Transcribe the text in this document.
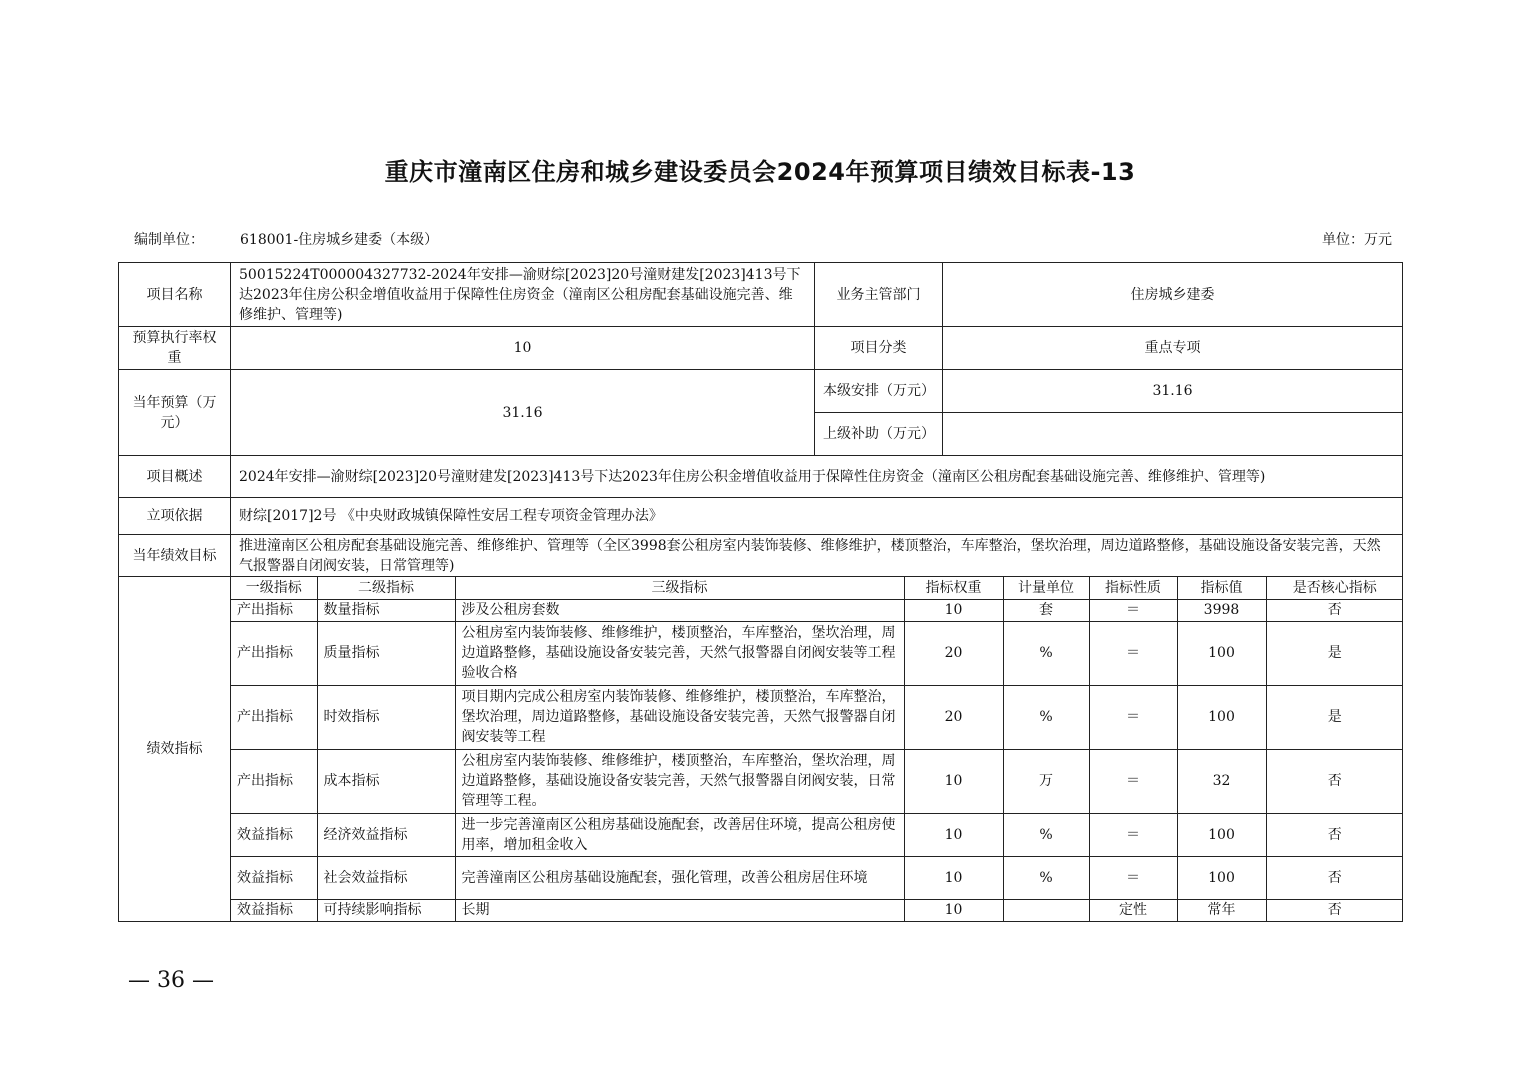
重庆市潼南区住房和城乡建设委员会2024年预算项目绩效目标表-13
编制单位：	618001-住房城乡建委（本级）	单位：万元
项目名称	50015224T000004327732-2024年安排—渝财综[2023]20号潼财建发[2023]413号下达2023年住房公积金增值收益用于保障性住房资金（潼南区公租房配套基础设施完善、维修维护、管理等)	业务主管部门	住房城乡建委
预算执行率权重	10	项目分类	重点专项
当年预算（万元）	31.16	本级安排（万元）	31.16
上级补助（万元）	
项目概述	2024年安排—渝财综[2023]20号潼财建发[2023]413号下达2023年住房公积金增值收益用于保障性住房资金（潼南区公租房配套基础设施完善、维修维护、管理等)
立项依据	财综[2017]2号 《中央财政城镇保障性安居工程专项资金管理办法》
当年绩效目标	推进潼南区公租房配套基础设施完善、维修维护、管理等（全区3998套公租房室内装饰装修、维修维护，楼顶整治，车库整治，堡坎治理，周边道路整修，基础设施设备安装完善，天然气报警器自闭阀安装，日常管理等)
绩效指标	
一级指标	二级指标	三级指标	指标权重	计量单位	指标性质	指标值	是否核心指标
产出指标	数量指标	涉及公租房套数	10	套	＝	3998	否
产出指标	质量指标	公租房室内装饰装修、维修维护，楼顶整治，车库整治，堡坎治理，周边道路整修，基础设施设备安装完善，天然气报警器自闭阀安装等工程验收合格	20	%	＝	100	是
产出指标	时效指标	项目期内完成公租房室内装饰装修、维修维护，楼顶整治，车库整治，堡坎治理，周边道路整修，基础设施设备安装完善，天然气报警器自闭阀安装等工程	20	%	＝	100	是
产出指标	成本指标	公租房室内装饰装修、维修维护，楼顶整治，车库整治，堡坎治理，周边道路整修，基础设施设备安装完善，天然气报警器自闭阀安装，日常管理等工程。	10	万	＝	32	否
效益指标	经济效益指标	进一步完善潼南区公租房基础设施配套，改善居住环境，提高公租房使用率，增加租金收入	10	%	＝	100	否
效益指标	社会效益指标	完善潼南区公租房基础设施配套，强化管理，改善公租房居住环境	10	%	＝	100	否
效益指标	可持续影响指标	长期	10		定性	常年	否
— 36 —
